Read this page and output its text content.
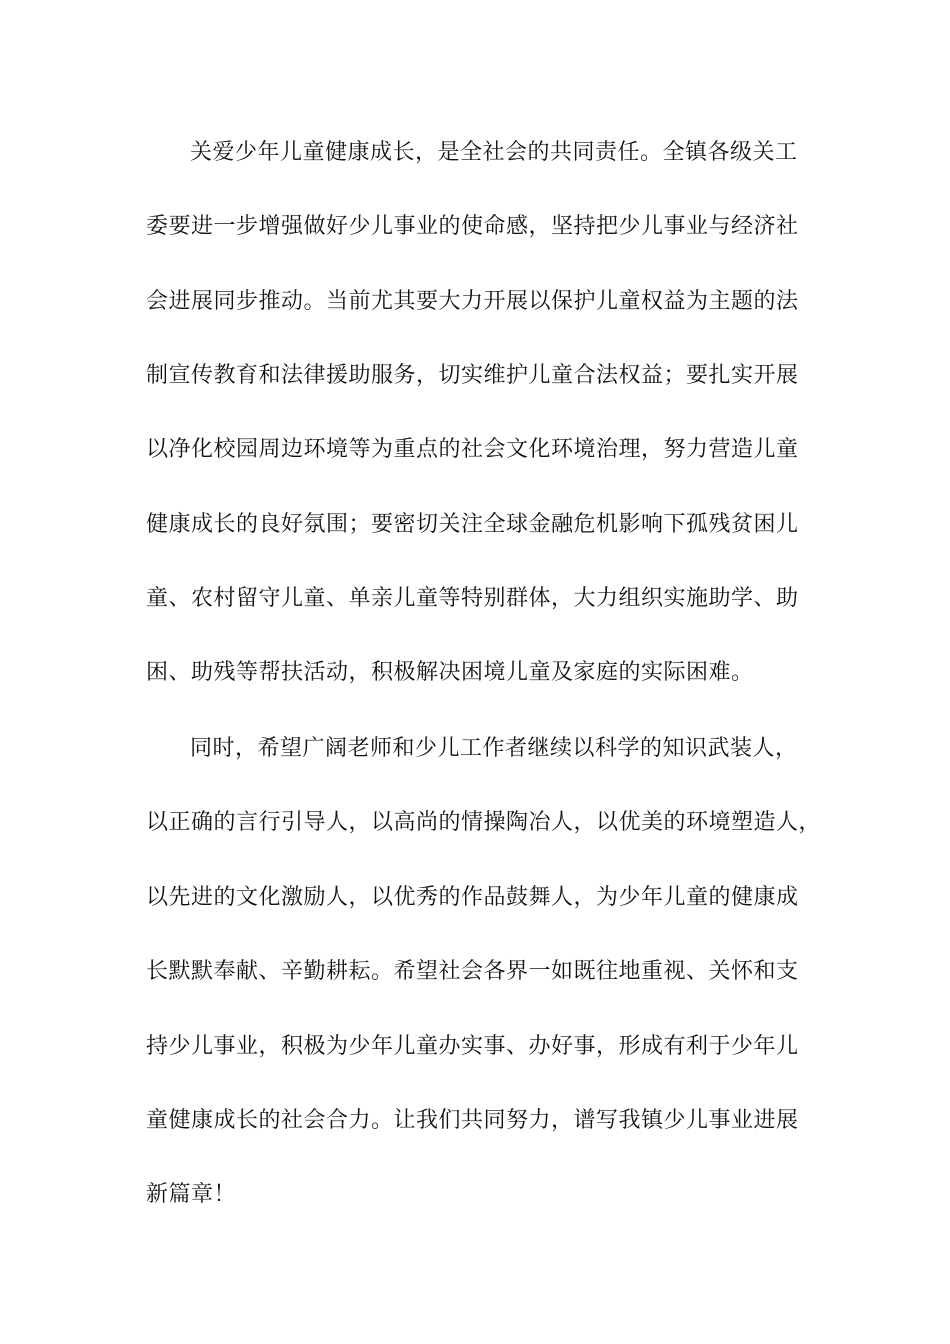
关爱少年儿童健康成长，是全社会的共同责任。全镇各级关工
委要进一步增强做好少儿事业的使命感，坚持把少儿事业与经济社
会进展同步推动。当前尤其要大力开展以保护儿童权益为主题的法
制宣传教育和法律援助服务，切实维护儿童合法权益；要扎实开展
以净化校园周边环境等为重点的社会文化环境治理，努力营造儿童
健康成长的良好氛围；要密切关注全球金融危机影响下孤残贫困儿
童、农村留守儿童、单亲儿童等特别群体，大力组织实施助学、助
困、助残等帮扶活动，积极解决困境儿童及家庭的实际困难。
同时，希望广阔老师和少儿工作者继续以科学的知识武装人，
以正确的言行引导人，以高尚的情操陶冶人，以优美的环境塑造人，
以先进的文化激励人，以优秀的作品鼓舞人，为少年儿童的健康成
长默默奉献、辛勤耕耘。希望社会各界一如既往地重视、关怀和支
持少儿事业，积极为少年儿童办实事、办好事，形成有利于少年儿
童健康成长的社会合力。让我们共同努力，谱写我镇少儿事业进展
新篇章！
